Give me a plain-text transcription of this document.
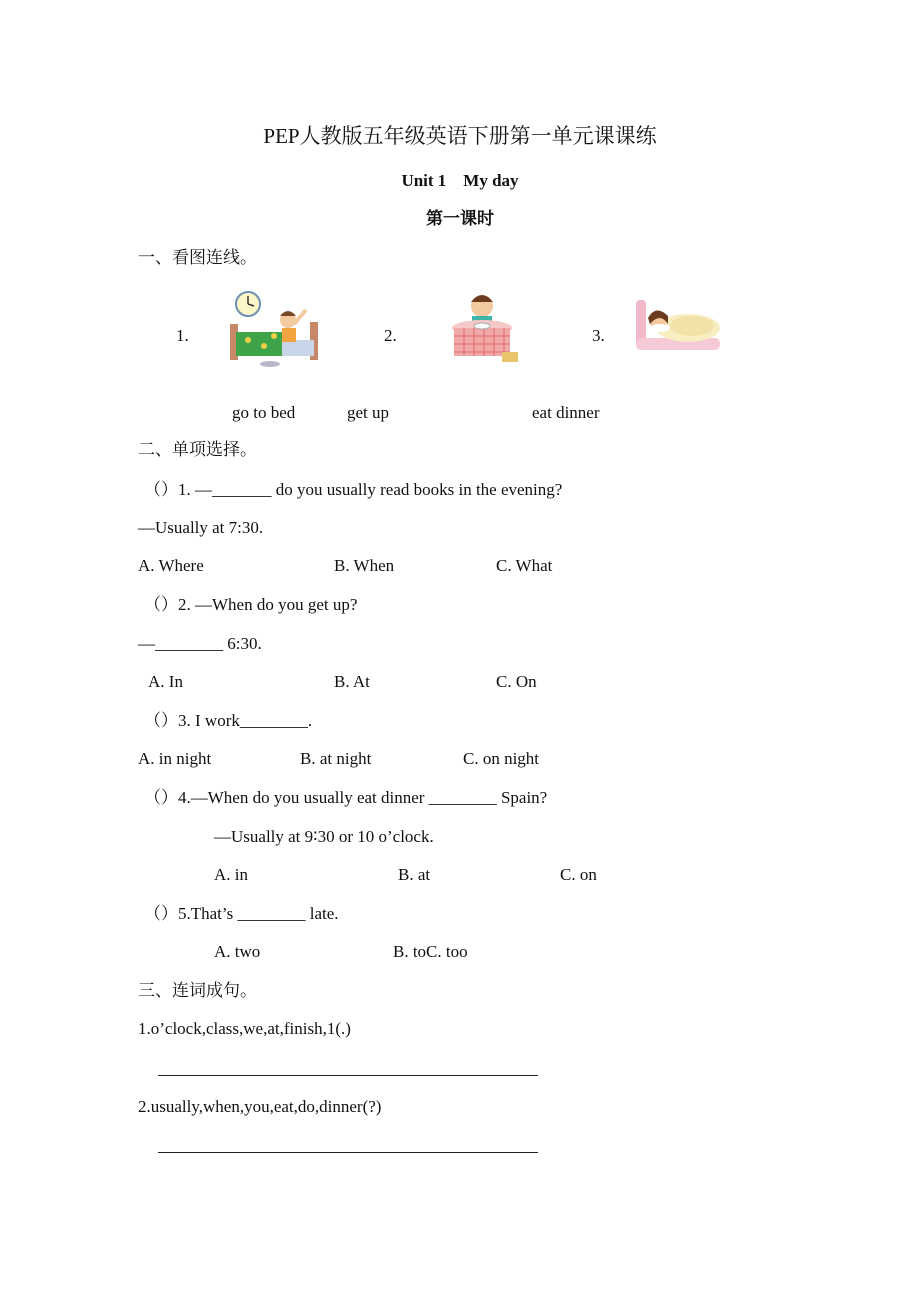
PEP人教版五年级英语下册第一单元课课练
Unit 1    My day
第一课时
一、看图连线。
1.	2.	3.
go to bed	get up	eat dinner
二、单项选择。
（）1. —_______ do you usually read books in the evening?
—Usually at 7:30.
A. Where	B. When	C. What
（）2. —When do you get up?
—________ 6:30.
A. In	B. At	C. On
（）3. I work________.
A. in night	B. at night	C. on night
（）4.—When do you usually eat dinner ________ Spain?
—Usually at 9∶30 or 10 o’clock.
A. in	B. at	C. on
（）5.That’s ________ late.
A. two	B. toC. too
三、连词成句。
1.o’clock,class,we,at,finish,1(.)
2.usually,when,you,eat,do,dinner(?)
